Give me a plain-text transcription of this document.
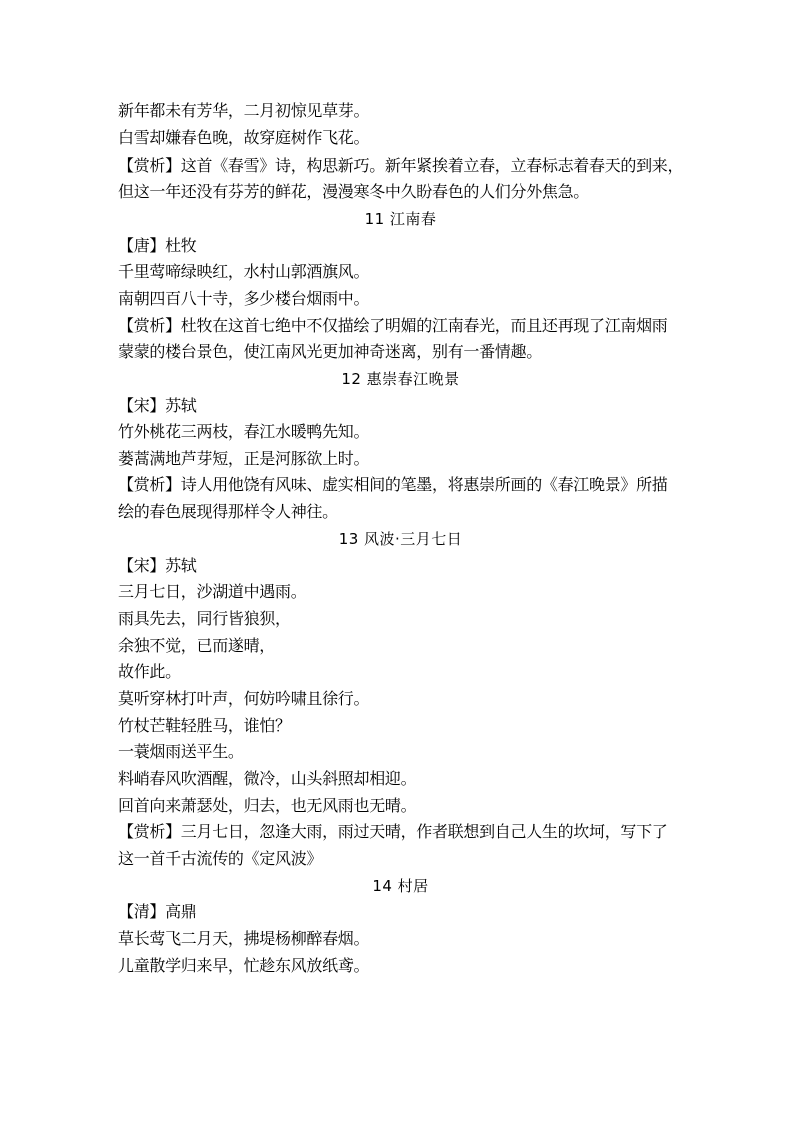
新年都未有芳华，二月初惊见草芽。
白雪却嫌春色晚，故穿庭树作飞花。
【赏析】这首《春雪》诗，构思新巧。新年紧挨着立春，立春标志着春天的到来，
但这一年还没有芬芳的鲜花，漫漫寒冬中久盼春色的人们分外焦急。
11 江南春
【唐】杜牧
千里莺啼绿映红，水村山郭酒旗风。
南朝四百八十寺，多少楼台烟雨中。
【赏析】杜牧在这首七绝中不仅描绘了明媚的江南春光，而且还再现了江南烟雨
蒙蒙的楼台景色，使江南风光更加神奇迷离，别有一番情趣。
12 惠崇春江晚景
【宋】苏轼
竹外桃花三两枝，春江水暖鸭先知。
蒌蒿满地芦芽短，正是河豚欲上时。
【赏析】诗人用他饶有风味、虚实相间的笔墨，将惠崇所画的《春江晚景》所描
绘的春色展现得那样令人神往。
13 风波·三月七日
【宋】苏轼
三月七日，沙湖道中遇雨。
雨具先去，同行皆狼狈，
余独不觉，已而遂晴，
故作此。
莫听穿林打叶声，何妨吟啸且徐行。
竹杖芒鞋轻胜马，谁怕？
一蓑烟雨送平生。
料峭春风吹酒醒，微冷，山头斜照却相迎。
回首向来萧瑟处，归去，也无风雨也无晴。
【赏析】三月七日，忽逢大雨，雨过天晴，作者联想到自己人生的坎坷，写下了
这一首千古流传的《定风波》
14 村居
【清】高鼎
草长莺飞二月天，拂堤杨柳醉春烟。
儿童散学归来早，忙趁东风放纸鸢。
